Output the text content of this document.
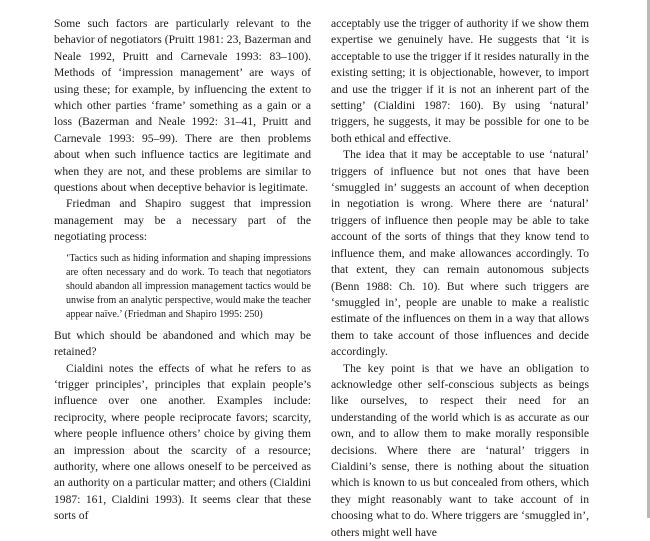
Some such factors are particularly relevant to the behavior of negotiators (Pruitt 1981: 23, Bazerman and Neale 1992, Pruitt and Carnevale 1993: 83–100). Methods of ‘impression management’ are ways of using these; for example, by influencing the extent to which other parties ‘frame’ something as a gain or a loss (Bazerman and Neale 1992: 31–41, Pruitt and Carnevale 1993: 95–99). There are then problems about when such influence tactics are legitimate and when they are not, and these problems are similar to questions about when deceptive behavior is legitimate.

Friedman and Shapiro suggest that impression management may be a necessary part of the negotiating process:

‘Tactics such as hiding information and shaping impressions are often necessary and do work. To teach that negotiators should abandon all impression management tactics would be unwise from an analytic perspective, would make the teacher appear naïve.’ (Friedman and Shapiro 1995: 250)

But which should be abandoned and which may be retained?

Cialdini notes the effects of what he refers to as ‘trigger principles’, principles that explain people’s influence over one another. Examples include: reciprocity, where people reciprocate favors; scarcity, where people influence others’ choice by giving them an impression about the scarcity of a resource; authority, where one allows oneself to be perceived as an authority on a particular matter; and others (Cialdini 1987: 161, Cialdini 1993). It seems clear that these sorts of

acceptably use the trigger of authority if we show them expertise we genuinely have. He suggests that ‘it is acceptable to use the trigger if it resides naturally in the existing setting; it is objectionable, however, to import and use the trigger if it is not an inherent part of the setting’ (Cialdini 1987: 160). By using ‘natural’ triggers, he suggests, it may be possible for one to be both ethical and effective.

The idea that it may be acceptable to use ‘natural’ triggers of influence but not ones that have been ‘smuggled in’ suggests an account of when deception in negotiation is wrong. Where there are ‘natural’ triggers of influence then people may be able to take account of the sorts of things that they know tend to influence them, and make allowances accordingly. To that extent, they can remain autonomous subjects (Benn 1988: Ch. 10). But where such triggers are ‘smuggled in’, people are unable to make a realistic estimate of the influences on them in a way that allows them to take account of those influences and decide accordingly.

The key point is that we have an obligation to acknowledge other self-conscious subjects as beings like ourselves, to respect their need for an understanding of the world which is as accurate as our own, and to allow them to make morally responsible decisions. Where there are ‘natural’ triggers in Cialdini’s sense, there is nothing about the situation which is known to us but concealed from others, which they might reasonably want to take account of in choosing what to do. Where triggers are ‘smuggled in’, others might well have
